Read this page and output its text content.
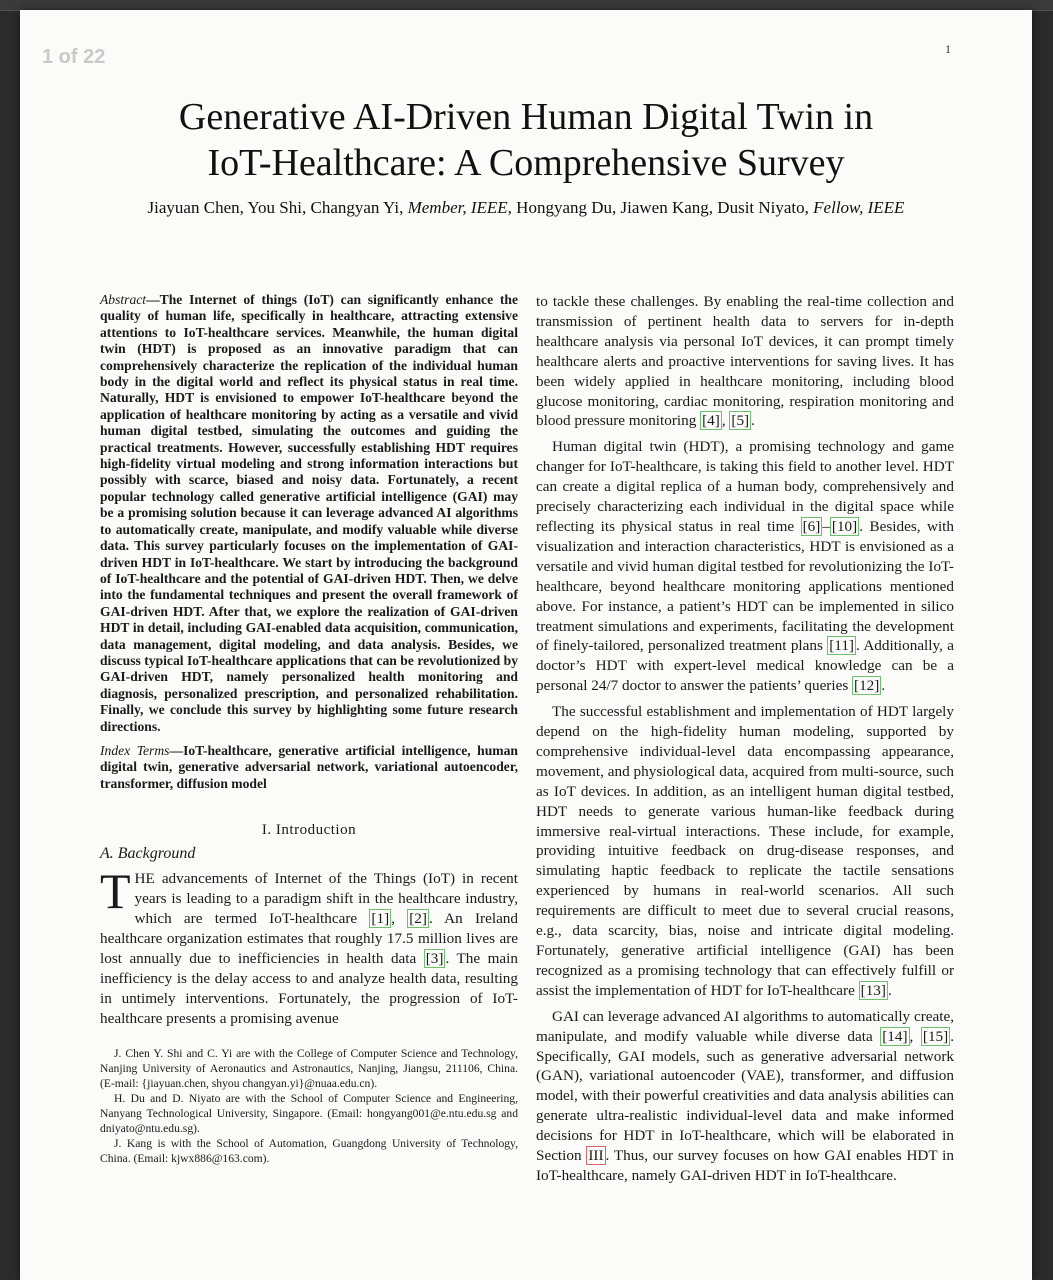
1 of 22	1
Generative AI-Driven Human Digital Twin in
IoT-Healthcare: A Comprehensive Survey
Jiayuan Chen, You Shi, Changyan Yi, Member, IEEE, Hongyang Du, Jiawen Kang, Dusit Niyato, Fellow, IEEE

Abstract—The Internet of things (IoT) can significantly enhance the quality of human life, specifically in healthcare, attracting extensive attentions to IoT-healthcare services. Meanwhile, the human digital twin (HDT) is proposed as an innovative paradigm that can comprehensively characterize the replication of the individual human body in the digital world and reflect its physical status in real time. Naturally, HDT is envisioned to empower IoT-healthcare beyond the application of healthcare monitoring by acting as a versatile and vivid human digital testbed, simulating the outcomes and guiding the practical treatments. However, successfully establishing HDT requires high-fidelity virtual modeling and strong information interactions but possibly with scarce, biased and noisy data. Fortunately, a recent popular technology called generative artificial intelligence (GAI) may be a promising solution because it can leverage advanced AI algorithms to automatically create, manipulate, and modify valuable while diverse data. This survey particularly focuses on the implementation of GAI-driven HDT in IoT-healthcare. We start by introducing the background of IoT-healthcare and the potential of GAI-driven HDT. Then, we delve into the fundamental techniques and present the overall framework of GAI-driven HDT. After that, we explore the realization of GAI-driven HDT in detail, including GAI-enabled data acquisition, communication, data management, digital modeling, and data analysis. Besides, we discuss typical IoT-healthcare applications that can be revolutionized by GAI-driven HDT, namely personalized health monitoring and diagnosis, personalized prescription, and personalized rehabilitation. Finally, we conclude this survey by highlighting some future research directions.

Index Terms—IoT-healthcare, generative artificial intelligence, human digital twin, generative adversarial network, variational autoencoder, transformer, diffusion model

I. Introduction
A. Background

THE advancements of Internet of the Things (IoT) in recent years is leading to a paradigm shift in the healthcare industry, which are termed IoT-healthcare [1] , [2] . An Ireland healthcare organization estimates that roughly 17.5 million lives are lost annually due to inefficiencies in health data [3] . The main inefficiency is the delay access to and analyze health data, resulting in untimely interventions. Fortunately, the progression of IoT-healthcare presents a promising avenue

J. Chen Y. Shi and C. Yi are with the College of Computer Science and Technology, Nanjing University of Aeronautics and Astronautics, Nanjing, Jiangsu, 211106, China. (E-mail: {jiayuan.chen, shyou changyan.yi}@nuaa.edu.cn).

H. Du and D. Niyato are with the School of Computer Science and Engineering, Nanyang Technological University, Singapore. (Email: hongyang001@e.ntu.edu.sg and dniyato@ntu.edu.sg).

J. Kang is with the School of Automation, Guangdong University of Technology, China. (Email: kjwx886@163.com).

to tackle these challenges. By enabling the real-time collection and transmission of pertinent health data to servers for in-depth healthcare analysis via personal IoT devices, it can prompt timely healthcare alerts and proactive interventions for saving lives. It has been widely applied in healthcare monitoring, including blood glucose monitoring, cardiac monitoring, respiration monitoring and blood pressure monitoring [4] , [5] .

Human digital twin (HDT), a promising technology and game changer for IoT-healthcare, is taking this field to another level. HDT can create a digital replica of a human body, comprehensively and precisely characterizing each individual in the digital space while reflecting its physical status in real time [6] – [10] . Besides, with visualization and interaction characteristics, HDT is envisioned as a versatile and vivid human digital testbed for revolutionizing the IoT-healthcare, beyond healthcare monitoring applications mentioned above. For instance, a patient’s HDT can be implemented in silico treatment simulations and experiments, facilitating the development of finely-tailored, personalized treatment plans [11] . Additionally, a doctor’s HDT with expert-level medical knowledge can be a personal 24/7 doctor to answer the patients’ queries [12] .

The successful establishment and implementation of HDT largely depend on the high-fidelity human modeling, supported by comprehensive individual-level data encompassing appearance, movement, and physiological data, acquired from multi-source, such as IoT devices. In addition, as an intelligent human digital testbed, HDT needs to generate various human-like feedback during immersive real-virtual interactions. These include, for example, providing intuitive feedback on drug-disease responses, and simulating haptic feedback to replicate the tactile sensations experienced by humans in real-world scenarios. All such requirements are difficult to meet due to several crucial reasons, e.g., data scarcity, bias, noise and intricate digital modeling. Fortunately, generative artificial intelligence (GAI) has been recognized as a promising technology that can effectively fulfill or assist the implementation of HDT for IoT-healthcare [13] .

GAI can leverage advanced AI algorithms to automatically create, manipulate, and modify valuable while diverse data [14] , [15] . Specifically, GAI models, such as generative adversarial network (GAN), variational autoencoder (VAE), transformer, and diffusion model, with their powerful creativities and data analysis abilities can generate ultra-realistic individual-level data and make informed decisions for HDT in IoT-healthcare, which will be elaborated in Section III . Thus, our survey focuses on how GAI enables HDT in IoT-healthcare, namely GAI-driven HDT in IoT-healthcare.
